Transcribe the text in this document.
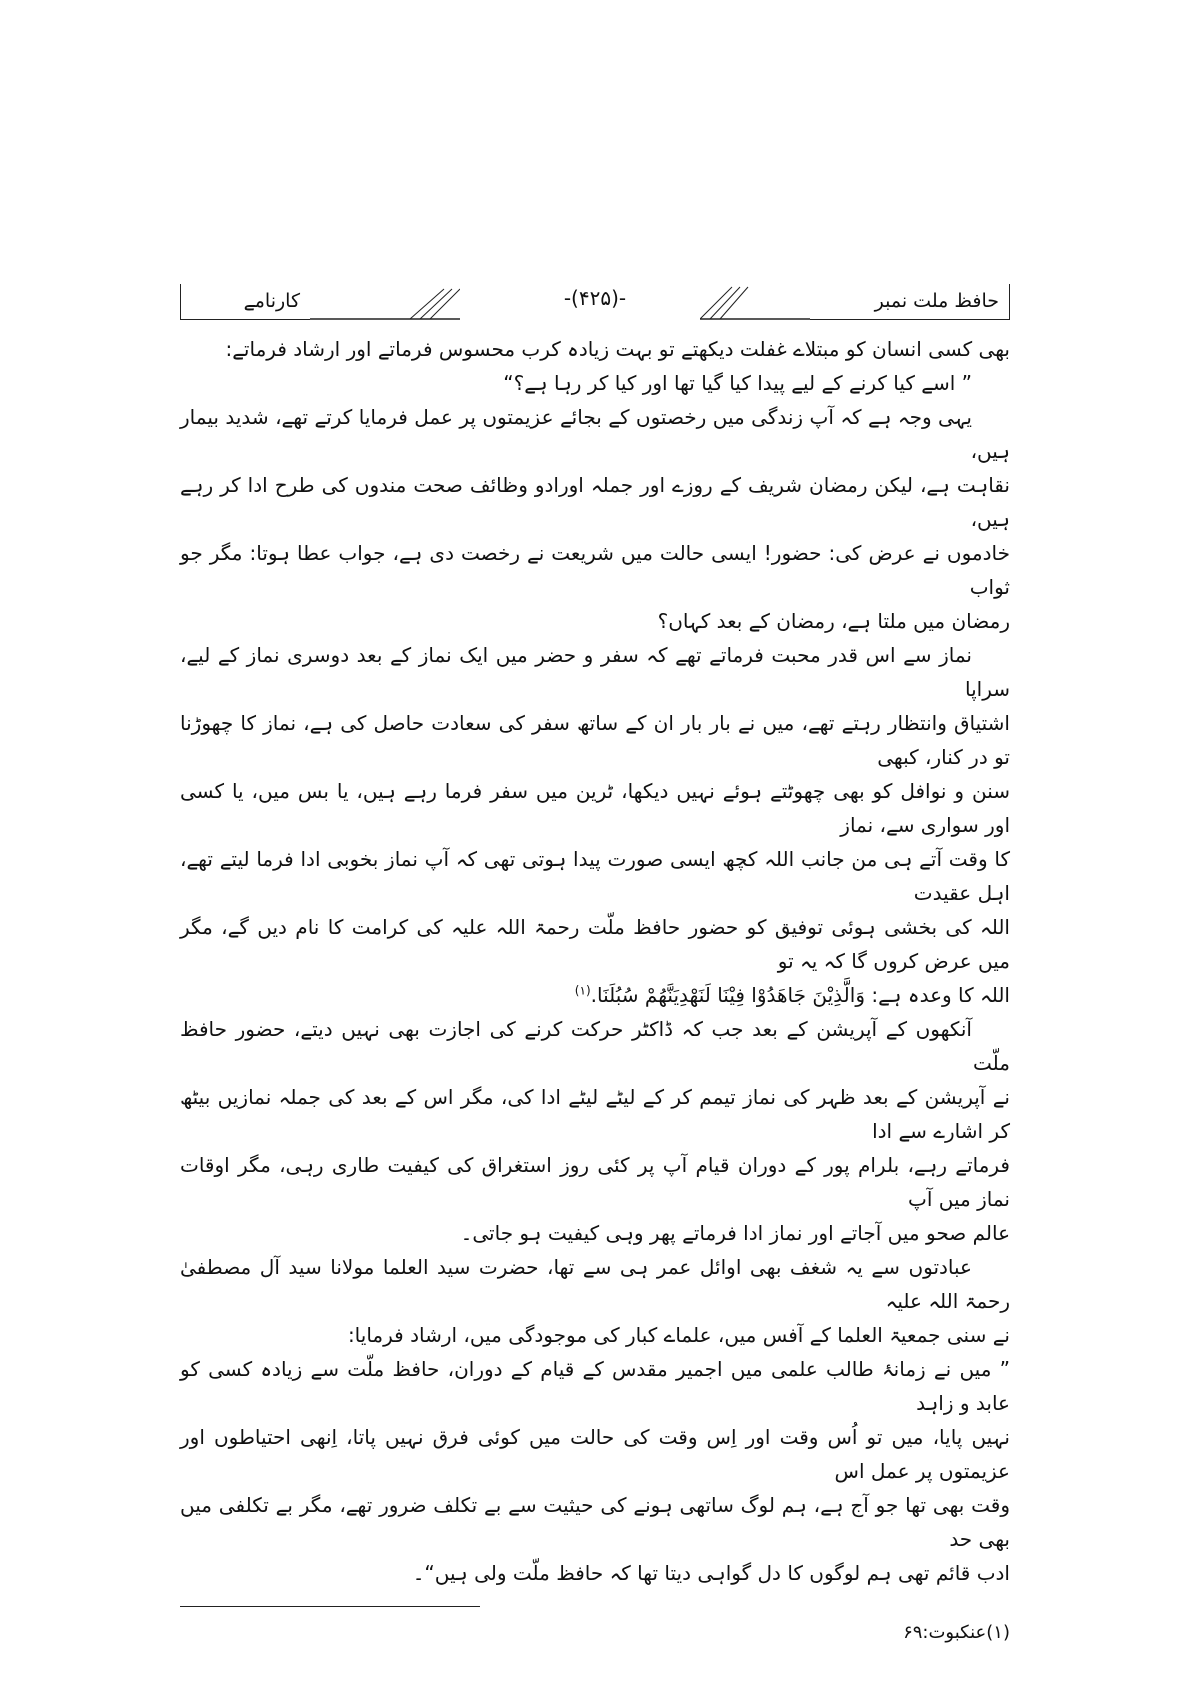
کارنامے	-(۴۲۵)-	حافظ ملت نمبر
بھی کسی انسان کو مبتلاے غفلت دیکھتے تو بہت زیادہ کرب محسوس فرماتے اور ارشاد فرماتے:
” اسے کیا کرنے کے لیے پیدا کیا گیا تھا اور کیا کر رہا ہے؟“
یہی وجہ ہے کہ آپ زندگی میں رخصتوں کے بجائے عزیمتوں پر عمل فرمایا کرتے تھے، شدید بیمار ہیں،
نقاہت ہے، لیکن رمضان شریف کے روزے اور جملہ اورادو وظائف صحت مندوں کی طرح ادا کر رہے ہیں،
خادموں نے عرض کی: حضور! ایسی حالت میں شریعت نے رخصت دی ہے، جواب عطا ہوتا: مگر جو ثواب
رمضان میں ملتا ہے، رمضان کے بعد کہاں؟
نماز سے اس قدر محبت فرماتے تھے کہ سفر و حضر میں ایک نماز کے بعد دوسری نماز کے لیے، سراپا
اشتیاق وانتظار رہتے تھے، میں نے بار بار ان کے ساتھ سفر کی سعادت حاصل کی ہے، نماز کا چھوڑنا تو در کنار، کبھی
سنن و نوافل کو بھی چھوٹتے ہوئے نہیں دیکھا، ٹرین میں سفر فرما رہے ہیں، یا بس میں، یا کسی اور سواری سے، نماز
کا وقت آتے ہی من جانب اللہ کچھ ایسی صورت پیدا ہوتی تھی کہ آپ نماز بخوبی ادا فرما لیتے تھے، اہل عقیدت
اللہ کی بخشی ہوئی توفیق کو حضور حافظ ملّت رحمۃ اللہ علیہ کی کرامت کا نام دیں گے، مگر میں عرض کروں گا کہ یہ تو
اللہ کا وعدہ ہے: وَالَّذِيْنَ جَاهَدُوْا فِيْنَا لَنَهْدِيَنَّهُمْ سُبُلَنَا.$^{(۱)}$
آنکھوں کے آپریشن کے بعد جب کہ ڈاکٹر حرکت کرنے کی اجازت بھی نہیں دیتے، حضور حافظ ملّت
نے آپریشن کے بعد ظہر کی نماز تیمم کر کے لیٹے لیٹے ادا کی، مگر اس کے بعد کی جملہ نمازیں بیٹھ کر اشارے سے ادا
فرماتے رہے، بلرام پور کے دوران قیام آپ پر کئی روز استغراق کی کیفیت طاری رہی، مگر اوقات نماز میں آپ
عالم صحو میں آجاتے اور نماز ادا فرماتے پھر وہی کیفیت ہو جاتی۔
عبادتوں سے یہ شغف بھی اوائل عمر ہی سے تھا، حضرت سید العلما مولانا سید آل مصطفیٰ رحمۃ اللہ علیہ
نے سنی جمعیۃ العلما کے آفس میں، علماے کبار کی موجودگی میں، ارشاد فرمایا:
” میں نے زمانۂ طالب علمی میں اجمیر مقدس کے قیام کے دوران، حافظ ملّت سے زیادہ کسی کو عابد و زاہد
نہیں پایا، میں تو اُس وقت اور اِس وقت کی حالت میں کوئی فرق نہیں پاتا، اِنھی احتیاطوں اور عزیمتوں پر عمل اس
وقت بھی تھا جو آج ہے، ہم لوگ ساتھی ہونے کی حیثیت سے بے تکلف ضرور تھے، مگر بے تکلفی میں بھی حد
ادب قائم تھی ہم لوگوں کا دل گواہی دیتا تھا کہ حافظ ملّت ولی ہیں“۔
(۱)عنکبوت:۶۹
